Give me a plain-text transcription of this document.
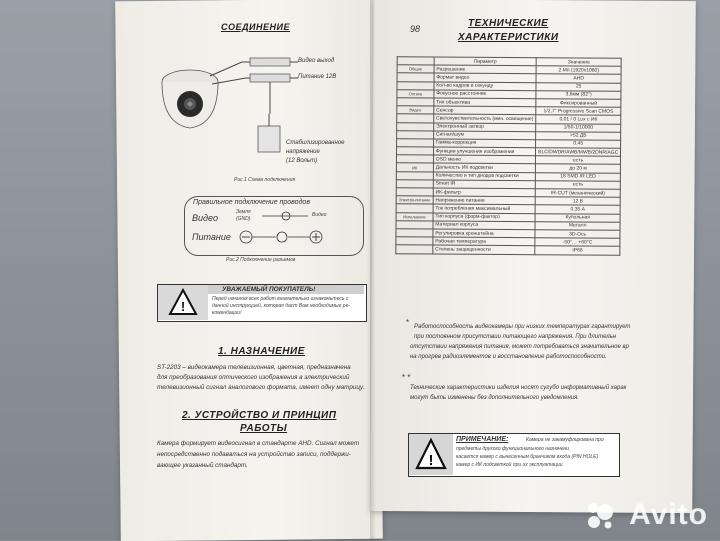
СОЕДИНЕНИЕ
Видео выход
Питание 12В
Стабилизированное
напряжение
(12 Вольт)
Рис.1 Схема подключения
Правильное подключение проводов
Видео
Земля
(GND)
Видео
Питание
Рис.2 Подключение разъемов
!
УВАЖАЕМЫЙ ПОКУПАТЕЛЬ!
Перед началом всех работ внимательно ознакомьтесь с
данной инструкцией, которая даст Вам необходимые ре-
комендации!
1. НАЗНАЧЕНИЕ
ST-2203 – видеокамера телевизионная, цветная, предназначена
для преобразования оптического изображения в электрический
телевизионный сигнал аналогового формата, имеет одну матрицу.
2. УСТРОЙСТВО И ПРИНЦИП
РАБОТЫ
Камера формирует видеосигнал в стандарте AHD. Сигнал может
непосредственно подаваться на устройство записи, поддержи-
вающее указанный стандарт.
98	ТЕХНИЧЕСКИЕ
ХАРАКТЕРИСТИКИ
	Параметр	Значение
Общие	Разрешение	2 Мп (1920х1080)
	Формат видео	AHD
	Кол-во кадров в секунду	25
Оптика	Фокусное расстояние	3,6мм (82°)
	Тип объектива	Фиксированный
Видео	Сенсор	1/2,7" Progressive Scan CMOS
	Светочувствительность (мин. освещение)	0,01 / 0 Lux с ИК
	Электронный затвор	1/50-1/10000
	Сигнал/шум	>52 ДБ
	Гамма-коррекция	0.45
	Функции улучшения изображения	BLC/DWDR/AWB/MWB/2DNR/AGC
	OSD меню	есть
ИК	Дальность ИК подсветки	до 20 м
	Количество и тип диодов подсветки	18 SMD IR LED
	Smart IR	есть
	ИК-фильтр	IR-CUT (механический)
Электро-питание	Напряжение питания	12 В
	Ток потребления максимальный	0,35 А
Исполнение	Тип корпуса (форм-фактор)	Купольная
	Материал корпуса	Металл
	Регулировка кронштейна	3D-Ось
	Рабочая температура	-50°… +60°С
	Степень защищенности	IP66
* Работоспособность видеокамеры при низких температурах гарантирует
при постоянном присутствии питающего напряжения. При длительн
отсутствии напряжения питания, может потребоваться значительное вр
на прогрев радиоэлементов и восстановление работоспособности.
* *
Технические характеристики изделия носят сугубо информативный харак
могут быть изменены без дополнительного уведомления.
!
ПРИМЕЧАНИЕ:	Камера не закамуфлирована про
предметы другого функционального назначени
касается камер с вынесенным бранчиком входа (PIN HOLE)
камер с ИК подсветкой при их эксплуатации
Avito
